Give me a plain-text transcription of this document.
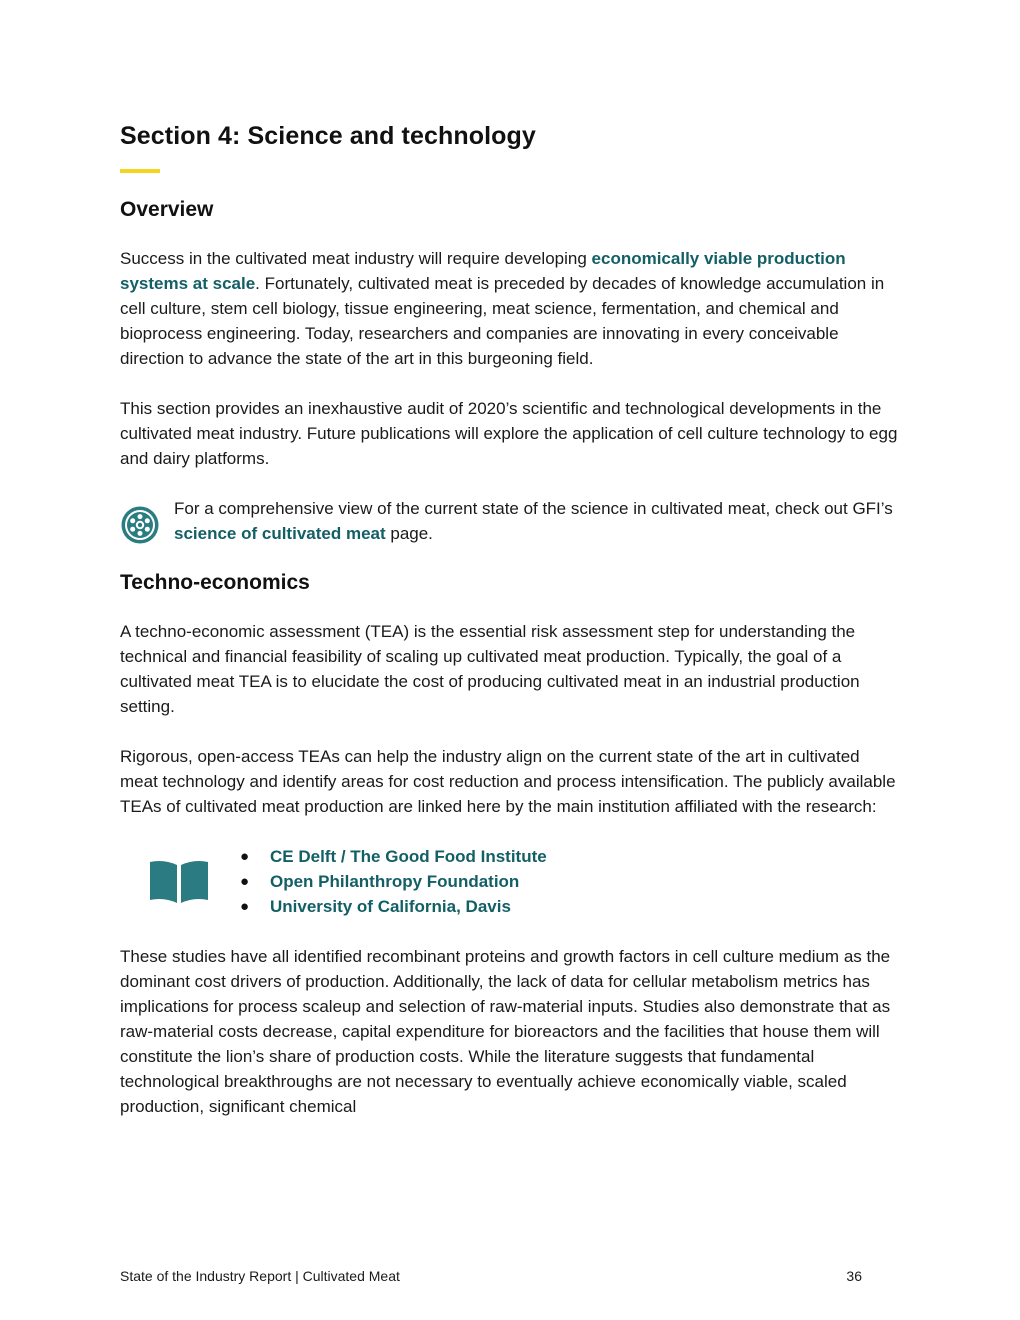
Section 4: Science and technology
Overview

Success in the cultivated meat industry will require developing economically viable production systems at scale. Fortunately, cultivated meat is preceded by decades of knowledge accumulation in cell culture, stem cell biology, tissue engineering, meat science, fermentation, and chemical and bioprocess engineering. Today, researchers and companies are innovating in every conceivable direction to advance the state of the art in this burgeoning field.

This section provides an inexhaustive audit of 2020’s scientific and technological developments in the cultivated meat industry. Future publications will explore the application of cell culture technology to egg and dairy platforms.

For a comprehensive view of the current state of the science in cultivated meat, check out GFI’s science of cultivated meat page.

Techno-economics

A techno-economic assessment (TEA) is the essential risk assessment step for understanding the technical and financial feasibility of scaling up cultivated meat production. Typically, the goal of a cultivated meat TEA is to elucidate the cost of producing cultivated meat in an industrial production setting.

Rigorous, open-access TEAs can help the industry align on the current state of the art in cultivated meat technology and identify areas for cost reduction and process intensification. The publicly available TEAs of cultivated meat production are linked here by the main institution affiliated with the research:

●	CE Delft / The Good Food Institute
●	Open Philanthropy Foundation
●	University of California, Davis

These studies have all identified recombinant proteins and growth factors in cell culture medium as the dominant cost drivers of production. Additionally, the lack of data for cellular metabolism metrics has implications for process scaleup and selection of raw-material inputs. Studies also demonstrate that as raw-material costs decrease, capital expenditure for bioreactors and the facilities that house them will constitute the lion’s share of production costs. While the literature suggests that fundamental technological breakthroughs are not necessary to eventually achieve economically viable, scaled production, significant chemical

State of the Industry Report | Cultivated Meat	36
